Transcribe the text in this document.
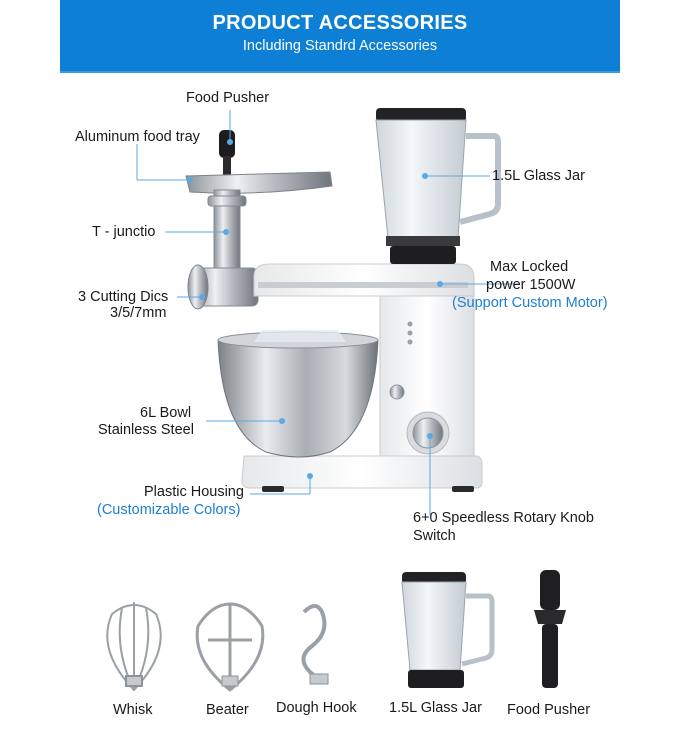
PRODUCT ACCESSORIES
Including Standrd Accessories
Food Pusher
Aluminum food tray
T - junctio
3 Cutting Dics
3/5/7mm
1.5L Glass Jar
Max Locked
power 1500W
(Support Custom Motor)
6L Bowl
Stainless Steel
Plastic Housing
(Customizable Colors)	6+0 Speedless Rotary Knob
Switch
Whisk	Beater Dough Hook 1.5L Glass Jar Food Pusher
